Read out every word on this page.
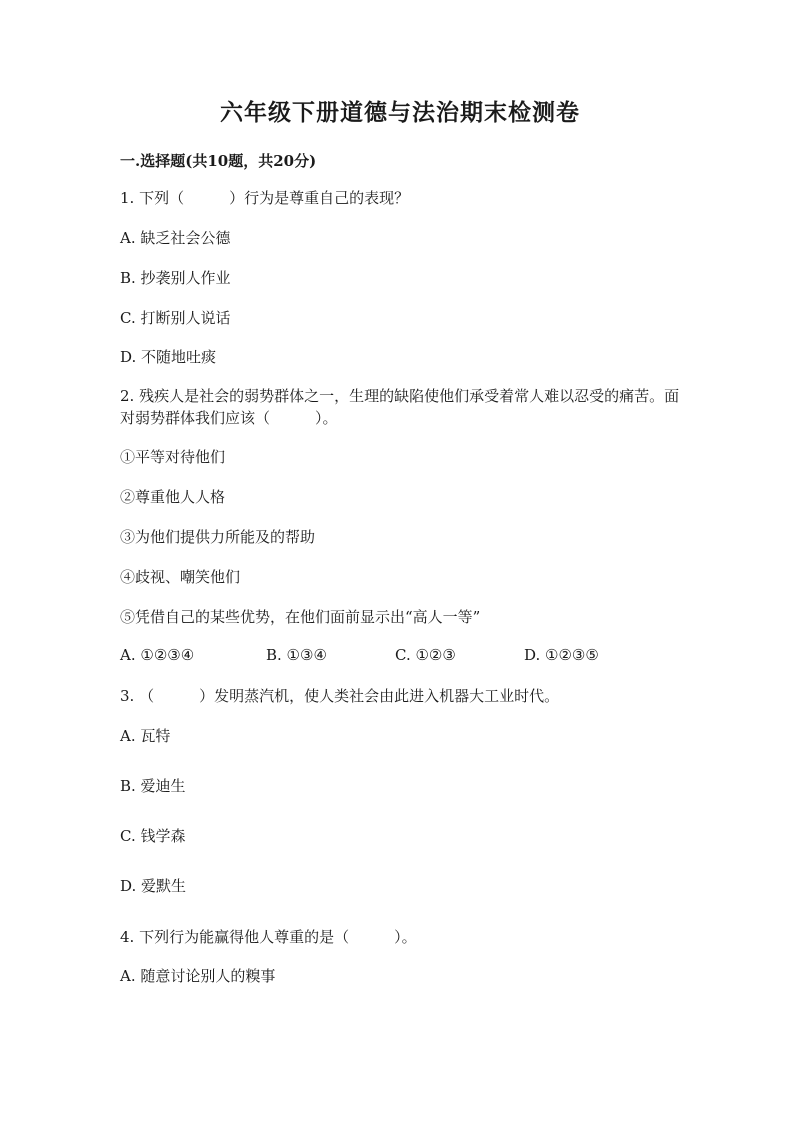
六年级下册道德与法治期末检测卷
一.选择题(共10题，共20分)
1. 下列（　　　）行为是尊重自己的表现？
A. 缺乏社会公德
B. 抄袭别人作业
C. 打断别人说话
D. 不随地吐痰
2. 残疾人是社会的弱势群体之一，生理的缺陷使他们承受着常人难以忍受的痛苦。面对弱势群体我们应该（　　　）。
①平等对待他们
②尊重他人人格
③为他们提供力所能及的帮助
④歧视、嘲笑他们
⑤凭借自己的某些优势，在他们面前显示出“高人一等”
A. ①②③④	B. ①③④	C. ①②③	D. ①②③⑤
3. （　　　）发明蒸汽机，使人类社会由此进入机器大工业时代。
A. 瓦特
B. 爱迪生
C. 钱学森
D. 爱默生
4. 下列行为能赢得他人尊重的是（　　　）。
A. 随意讨论别人的糗事
